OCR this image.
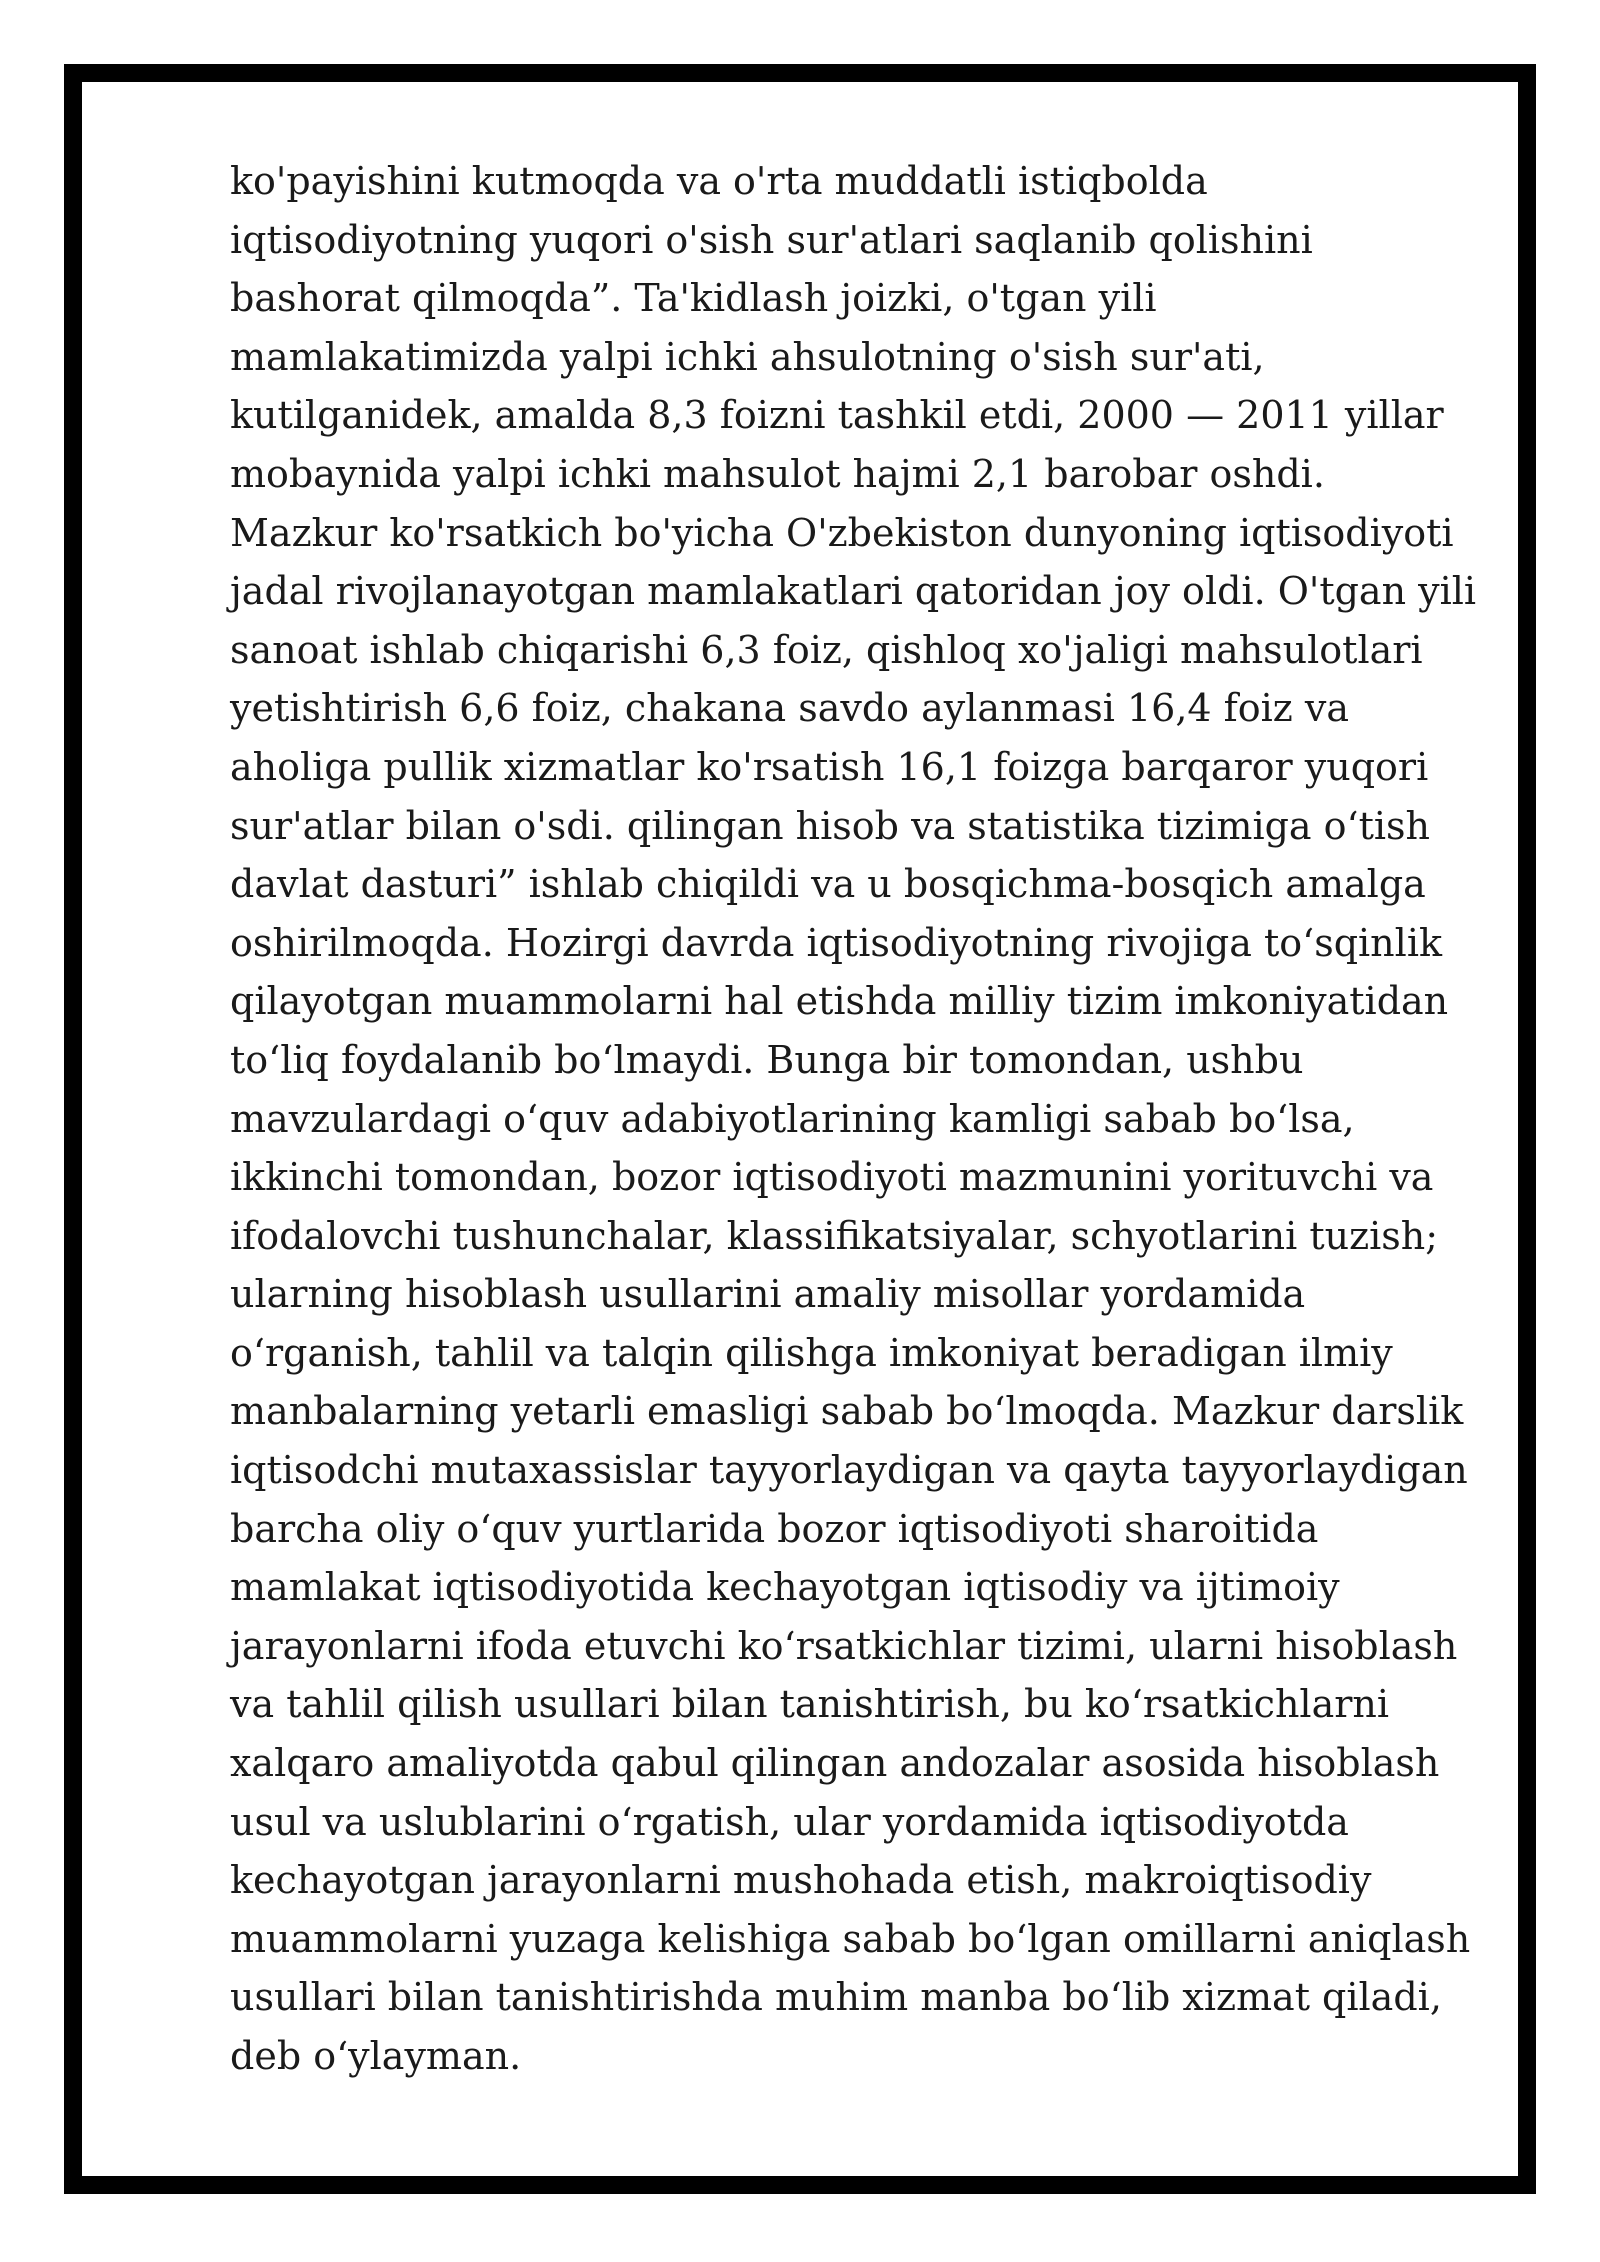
ko'payishini kutmoqda va o'rta muddatli istiqbolda
iqtisodiyotning yuqori o'sish sur'atlari saqlanib qolishini
bashorat qilmoqda”. Ta'kidlash joizki, o'tgan yili
mamlakatimizda yalpi ichki ahsulotning o'sish sur'ati,
kutilganidek, amalda 8,3 foizni tashkil etdi, 2000 — 2011 yillar
mobaynida yalpi ichki mahsulot hajmi 2,1 barobar oshdi.
Mazkur ko'rsatkich bo'yicha O'zbekiston dunyoning iqtisodiyoti
jadal rivojlanayotgan mamlakatlari qatoridan joy oldi. O'tgan yili
sanoat ishlab chiqarishi 6,3 foiz, qishloq xo'jaligi mahsulotlari
yetishtirish 6,6 foiz, chakana savdo aylanmasi 16,4 foiz va
aholiga pullik xizmatlar ko'rsatish 16,1 foizga barqaror yuqori
sur'atlar bilan o'sdi. qilingan hisob va statistika tizimiga o‘tish
davlat dasturi” ishlab chiqildi va u bosqichma-bosqich amalga
oshirilmoqda. Hozirgi davrda iqtisodiyotning rivojiga to‘sqinlik
qilayotgan muammolarni hal etishda milliy tizim imkoniyatidan
to‘liq foydalanib bo‘lmaydi. Bunga bir tomondan, ushbu
mavzulardagi o‘quv adabiyotlarining kamligi sabab bo‘lsa,
ikkinchi tomondan, bozor iqtisodiyoti mazmunini yorituvchi va
ifodalovchi tushunchalar, klassifikatsiyalar, schyotlarini tuzish;
ularning hisoblash usullarini amaliy misollar yordamida
o‘rganish, tahlil va talqin qilishga imkoniyat beradigan ilmiy
manbalarning yetarli emasligi sabab bo‘lmoqda. Mazkur darslik
iqtisodchi mutaxassislar tayyorlaydigan va qayta tayyorlaydigan
barcha oliy o‘quv yurtlarida bozor iqtisodiyoti sharoitida
mamlakat iqtisodiyotida kechayotgan iqtisodiy va ijtimoiy
jarayonlarni ifoda etuvchi ko‘rsatkichlar tizimi, ularni hisoblash
va tahlil qilish usullari bilan tanishtirish, bu ko‘rsatkichlarni
xalqaro amaliyotda qabul qilingan andozalar asosida hisoblash
usul va uslublarini o‘rgatish, ular yordamida iqtisodiyotda
kechayotgan jarayonlarni mushohada etish, makroiqtisodiy
muammolarni yuzaga kelishiga sabab bo‘lgan omillarni aniqlash
usullari bilan tanishtirishda muhim manba bo‘lib xizmat qiladi,
deb o‘ylayman.
